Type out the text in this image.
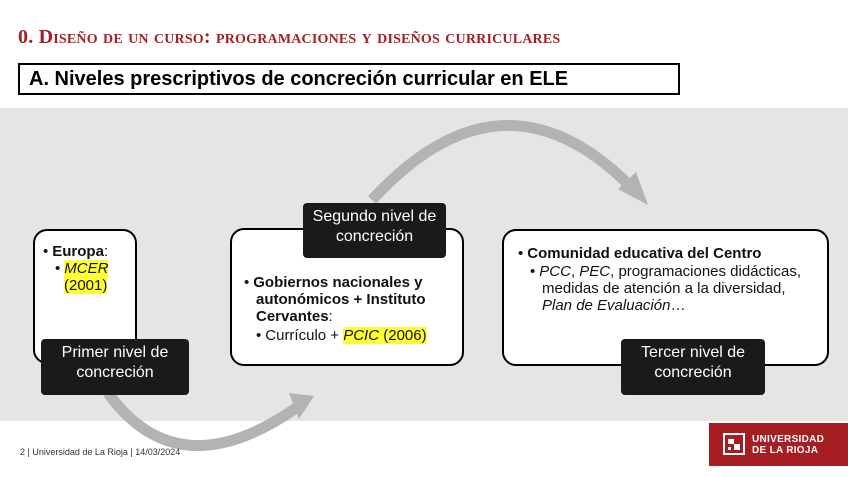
0. Diseño de un curso: programaciones y diseños curriculares
A. Niveles prescriptivos de concreción curricular en ELE
• Europa:
• MCER
(2001)
•	Gobiernos nacionales y autonómicos + Instituto Cervantes:
• Currículo + PCIC (2006)
• Comunidad educativa del Centro
• PCC, PEC, programaciones didácticas, medidas de atención a la diversidad, Plan de Evaluación…
Primer nivel de concreción
Segundo nivel de concreción
Tercer nivel de concreción
2 | Universidad de La Rioja | 14/03/2024
UNIVERSIDAD
DE LA RIOJA
